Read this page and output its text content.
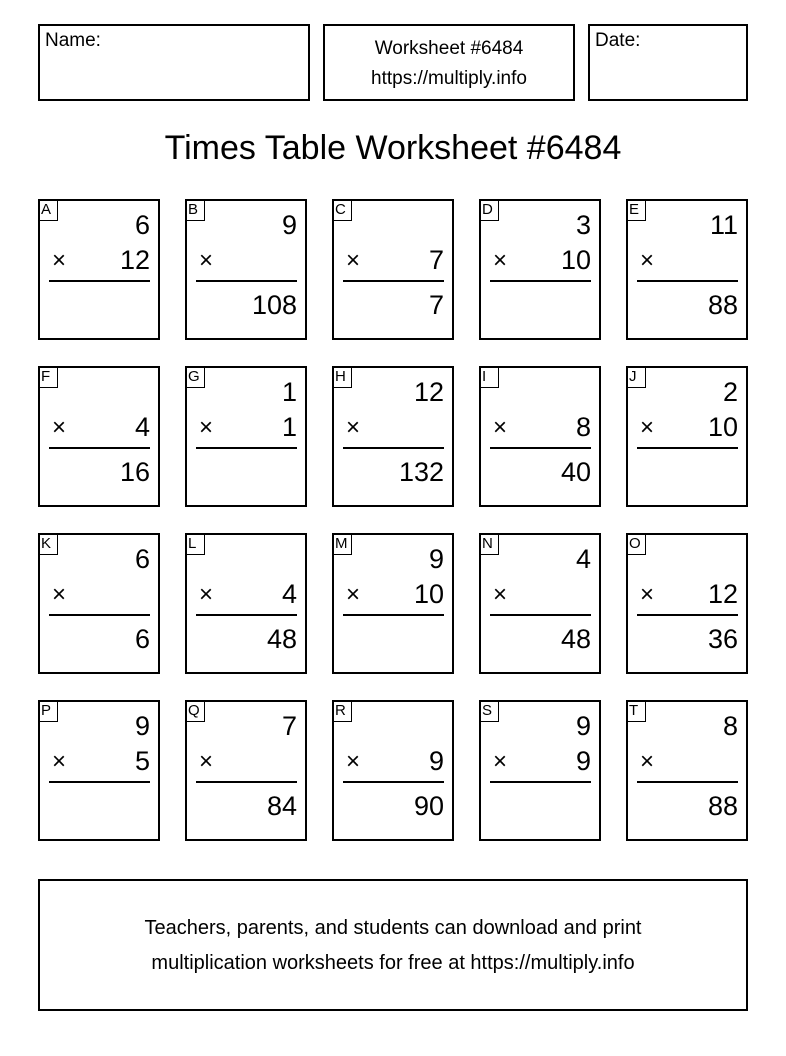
Name:	Worksheet #6484
https://multiply.info
Date:
Times Table Worksheet #6484
A
6
× 12
B
9
×
108
C
×	7
7
D
3
× 10
E
11
×
88
F
×	4
16
G
1
×	1
H
12
×
132
I
×	8
40
J
2
× 10
K
6
×
6
L
×	4
48
M
9
× 10
N
4
×
48
O
× 12
36
P
9
×	5
Q
7
×
84
R
×	9
90
S
9
×	9
T
8
×
88
Teachers, parents, and students can download and print
multiplication worksheets for free at https://multiply.info
